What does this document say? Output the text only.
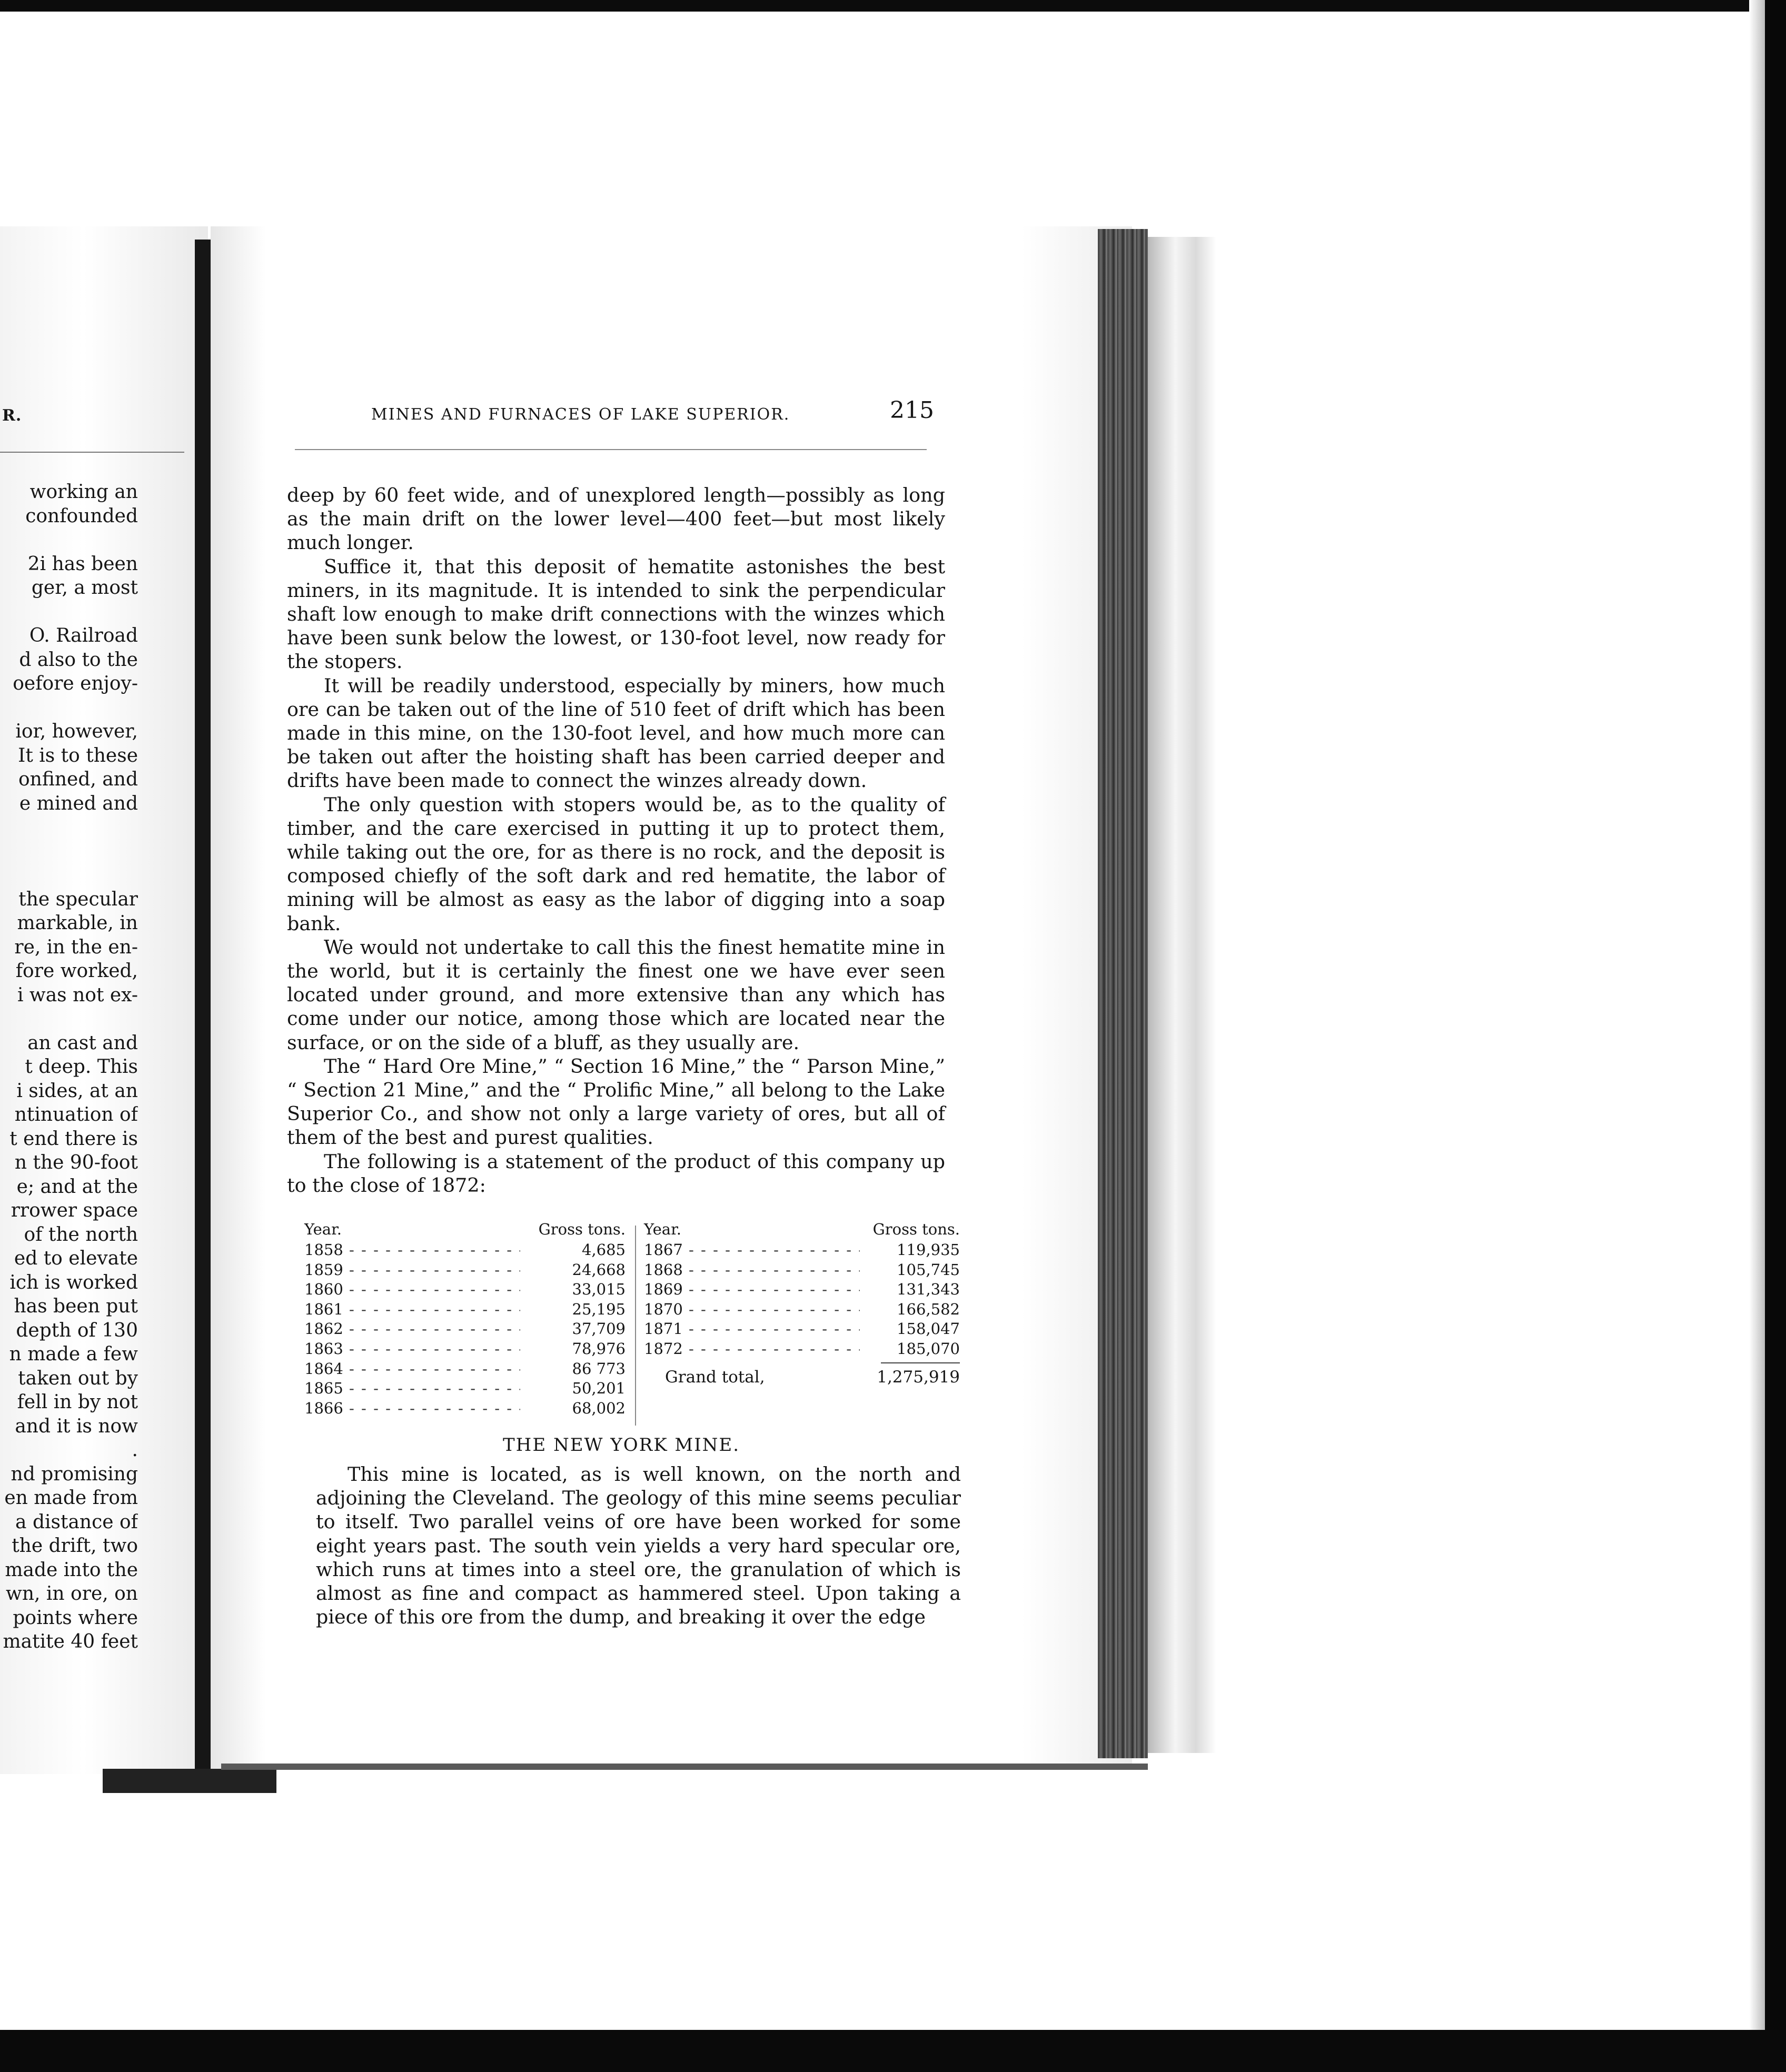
R.
working an
confounded
2i has been
ger, a most
O. Railroad
d also to the
oefore enjoy-
ior, however,
It is to these
onfined, and
e mined and
the specular
markable, in
re, in the en-
fore worked,
i was not ex-
an cast and
t deep. This
i sides, at an
ntinuation of
t end there is
n the 90-foot
e; and at the
rrower space
of the north
ed to elevate
ich is worked
has been put
depth of 130
n made a few
taken out by
fell in by not
and it is now
.
nd promising
en made from
a distance of
the drift, two
made into the
wn, in ore, on
points where
matite 40 feet
MINES AND FURNACES OF LAKE SUPERIOR.	215

deep by 60 feet wide, and of unexplored length—possibly as long as the main drift on the lower level—400 feet—but most likely much longer.

Suffice it, that this deposit of hematite astonishes the best miners, in its magnitude. It is intended to sink the perpendicular shaft low enough to make drift connections with the winzes which have been sunk below the lowest, or 130-foot level, now ready for the stopers.

It will be readily understood, especially by miners, how much ore can be taken out of the line of 510 feet of drift which has been made in this mine, on the 130-foot level, and how much more can be taken out after the hoisting shaft has been carried deeper and drifts have been made to connect the winzes already down.

The only question with stopers would be, as to the quality of timber, and the care exercised in putting it up to protect them, while taking out the ore, for as there is no rock, and the deposit is composed chiefly of the soft dark and red hematite, the labor of mining will be almost as easy as the labor of digging into a soap bank.

We would not undertake to call this the finest hematite mine in the world, but it is certainly the finest one we have ever seen located under ground, and more extensive than any which has come under our notice, among those which are located near the surface, or on the side of a bluff, as they usually are.

The “ Hard Ore Mine,” “ Section 16 Mine,” the “ Parson Mine,” “ Section 21 Mine,” and the “ Prolific Mine,” all belong to the Lake Superior Co., and show not only a large variety of ores, but all of them of the best and purest qualities.

The following is a statement of the product of this company up to the close of 1872:

Year.	Gross tons.
1858 - - -	4,685
1859 - - -	24,668
1860 - - -	33,015
1861 - - -	25,195
1862 - - -	37,709
1863 - - -	78,976
1864 - - -	86 773
1865 - - -	50,201
1866 - - -	68,002
Year.	Gross tons.
1867 - - -	119,935
1868 - - -	105,745
1869 - - -	131,343
1870 - - -	166,582
1871 - - -	158,047
1872 - - -	185,070
Grand total,	1,275,919
THE NEW YORK MINE.

This mine is located, as is well known, on the north and adjoining the Cleveland. The geology of this mine seems peculiar to itself. Two parallel veins of ore have been worked for some eight years past. The south vein yields a very hard specular ore, which runs at times into a steel ore, the granulation of which is almost as fine and compact as hammered steel. Upon taking a piece of this ore from the dump, and breaking it over the edge
